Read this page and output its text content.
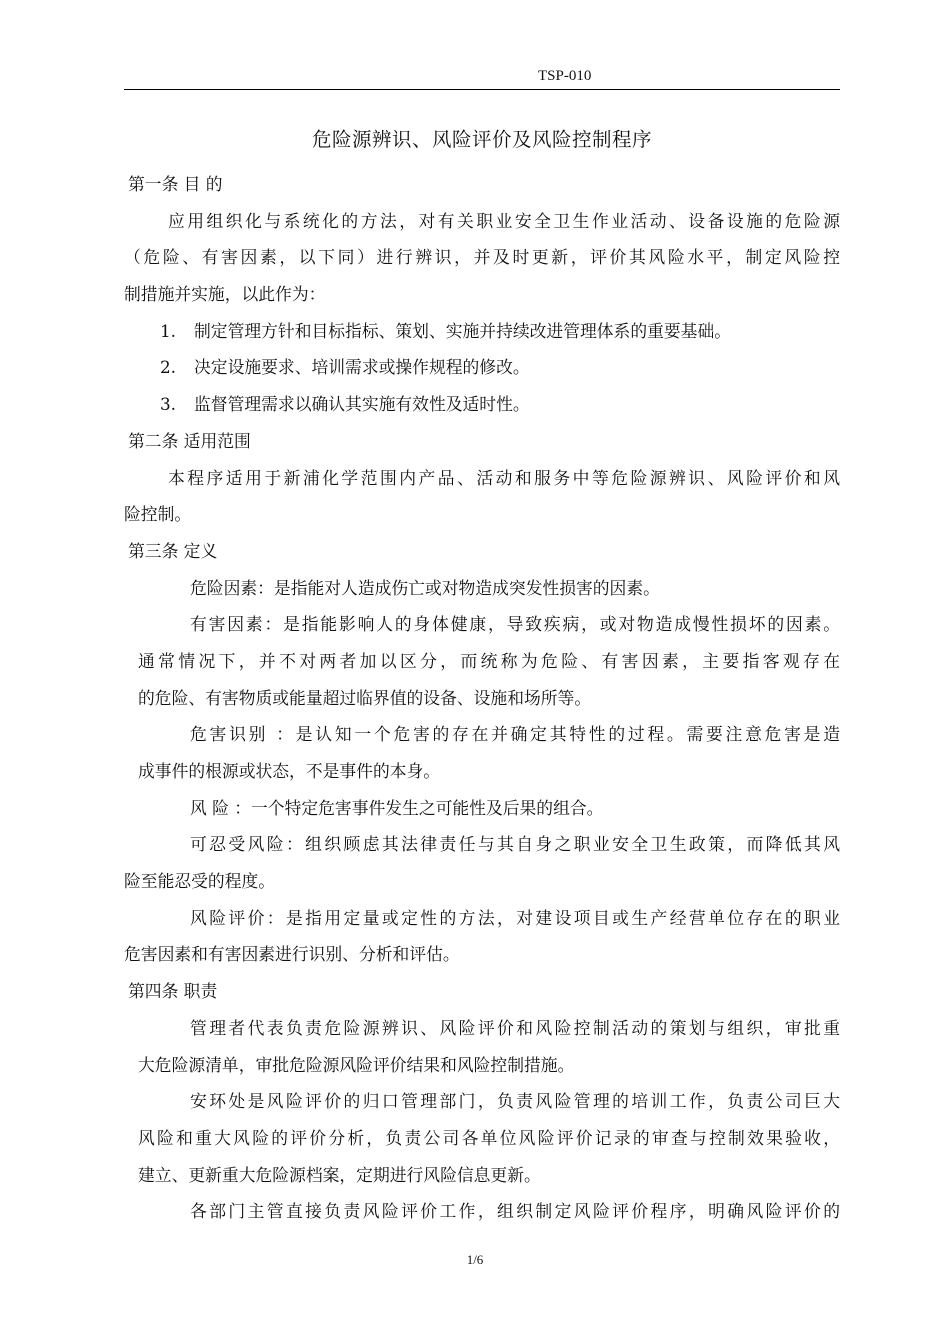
TSP-010
危险源辨识、风险评价及风险控制程序
第一条 目 的
应用组织化与系统化的方法，对有关职业安全卫生作业活动、设备设施的危险源
（危险、有害因素，以下同）进行辨识，并及时更新，评价其风险水平，制定风险控
制措施并实施，以此作为：
1. 制定管理方针和目标指标、策划、实施并持续改进管理体系的重要基础。
2. 决定设施要求、培训需求或操作规程的修改。
3. 监督管理需求以确认其实施有效性及适时性。
第二条 适用范围
本程序适用于新浦化学范围内产品、活动和服务中等危险源辨识、风险评价和风
险控制。
第三条 定义
危险因素：是指能对人造成伤亡或对物造成突发性损害的因素。
有害因素：是指能影响人的身体健康，导致疾病，或对物造成慢性损坏的因素。
通常情况下，并不对两者加以区分，而统称为危险、有害因素，主要指客观存在
的危险、有害物质或能量超过临界值的设备、设施和场所等。
危害识别 ：是认知一个危害的存在并确定其特性的过程。需要注意危害是造
成事件的根源或状态，不是事件的本身。
风 险 ：一个特定危害事件发生之可能性及后果的组合。
可忍受风险：组织顾虑其法律责任与其自身之职业安全卫生政策，而降低其风
险至能忍受的程度。
风险评价：是指用定量或定性的方法，对建设项目或生产经营单位存在的职业
危害因素和有害因素进行识别、分析和评估。
第四条 职责
管理者代表负责危险源辨识、风险评价和风险控制活动的策划与组织，审批重
大危险源清单，审批危险源风险评价结果和风险控制措施。
安环处是风险评价的归口管理部门，负责风险管理的培训工作，负责公司巨大
风险和重大风险的评价分析，负责公司各单位风险评价记录的审查与控制效果验收，
建立、更新重大危险源档案，定期进行风险信息更新。
各部门主管直接负责风险评价工作，组织制定风险评价程序，明确风险评价的
1/6
